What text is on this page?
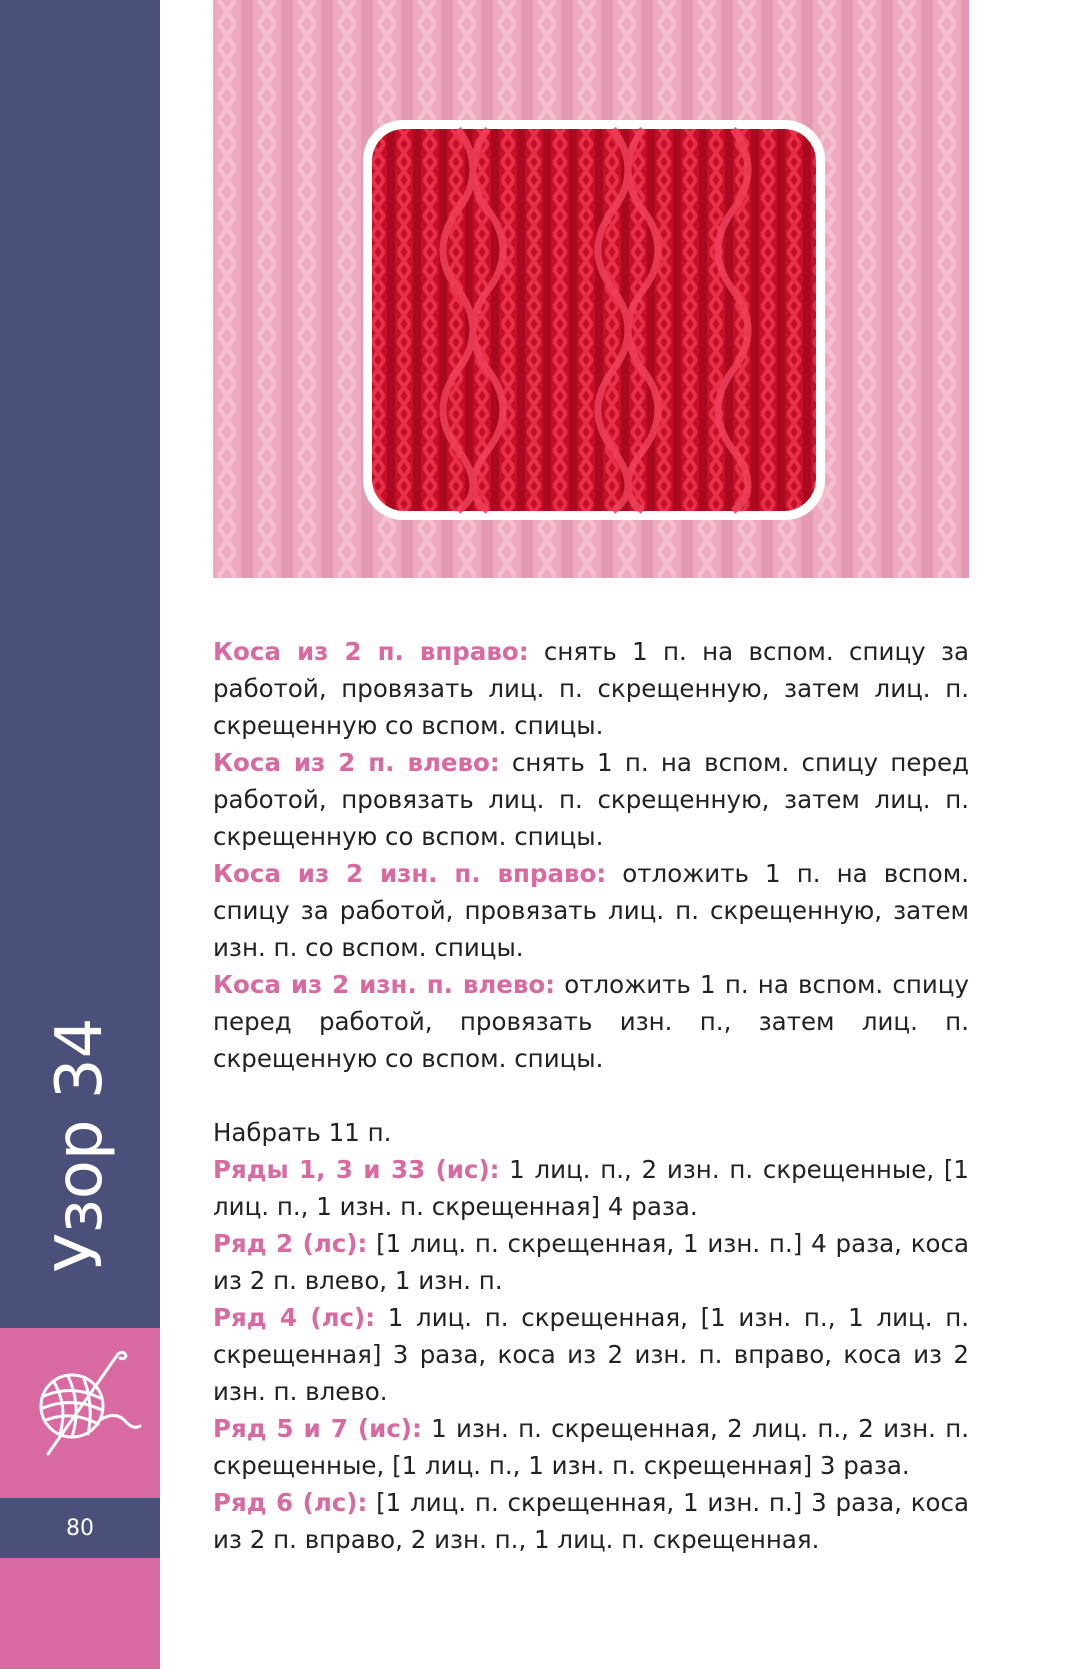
Узор 34
80

Коса из 2 п. вправо: снять 1 п. на вспом. спицу за работой, провязать лиц. п. скрещенную, затем лиц. п. скрещенную со вспом. спицы.

Коса из 2 п. влево: снять 1 п. на вспом. спицу перед работой, провязать лиц. п. скрещенную, затем лиц. п. скрещенную со вспом. спицы.

Коса из 2 изн. п. вправо: отложить 1 п. на вспом. спицу за работой, провязать лиц. п. скрещенную, затем изн. п. со вспом. спицы.

Коса из 2 изн. п. влево: отложить 1 п. на вспом. спицу перед работой, провязать изн. п., затем лиц. п. скрещенную со вспом. спицы.

Набрать 11 п.

Ряды 1, 3 и 33 (ис): 1 лиц. п., 2 изн. п. скрещенные, [1 лиц. п., 1 изн. п. скрещенная] 4 раза.

Ряд 2 (лс): [1 лиц. п. скрещенная, 1 изн. п.] 4 раза, коса из 2 п. влево, 1 изн. п.

Ряд 4 (лс): 1 лиц. п. скрещенная, [1 изн. п., 1 лиц. п. скрещенная] 3 раза, коса из 2 изн. п. вправо, коса из 2 изн. п. влево.

Ряд 5 и 7 (ис): 1 изн. п. скрещенная, 2 лиц. п., 2 изн. п. скрещенные, [1 лиц. п., 1 изн. п. скрещенная] 3 раза.

Ряд 6 (лс): [1 лиц. п. скрещенная, 1 изн. п.] 3 раза, коса из 2 п. вправо, 2 изн. п., 1 лиц. п. скрещенная.
